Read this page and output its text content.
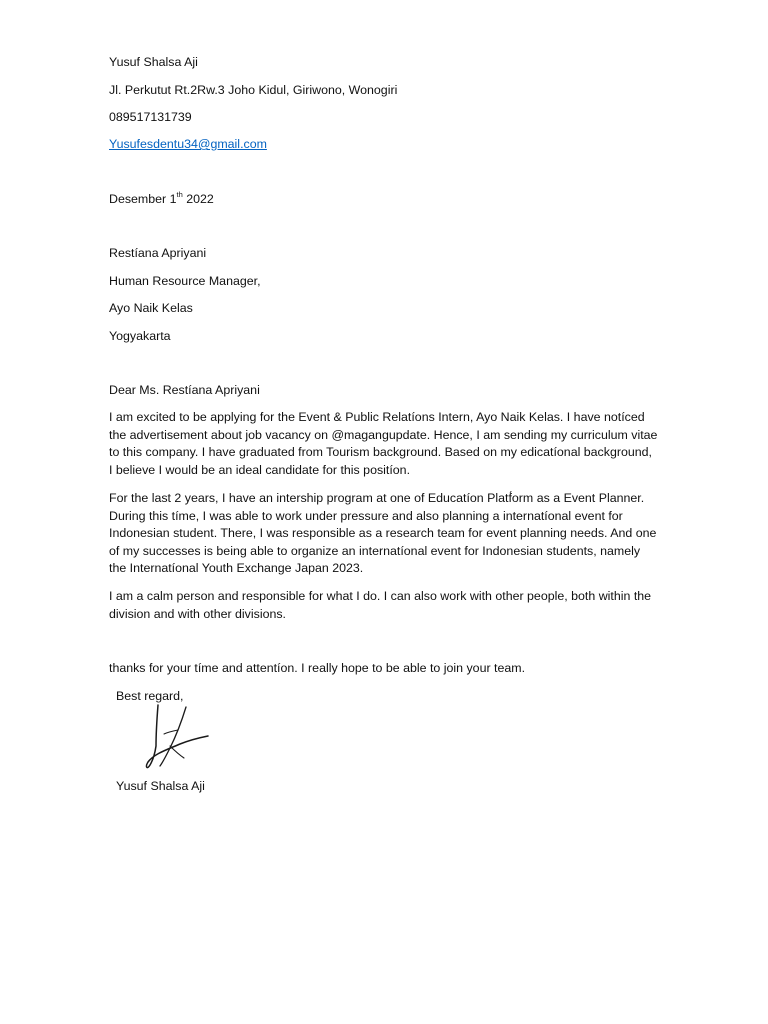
Yusuf Shalsa Aji
Jl. Perkutut Rt.2Rw.3 Joho Kidul, Giriwono, Wonogiri
089517131739
Yusufesdentu34@gmail.com
Desember 1th 2022
Restíana Apriyani
Human Resource Manager,
Ayo Naik Kelas
Yogyakarta
Dear Ms. Restíana Apriyani
I am excited to be applying for the Event & Public Relatíons Intern, Ayo Naik Kelas. I have notíced
the advertisement about job vacancy on @magangupdate. Hence, I am sending my curriculum vitae
to this company. I have graduated from Tourism background. Based on my edicatíonal background,
I believe I would be an ideal candidate for this positíon.
For the last 2 years, I have an intership program at one of Educatíon Platf́orm as a Event Planner.
During this tíme, I was able to work under pressure and also planning a internatíonal event for
Indonesian student. There, I was responsible as a research team for event planning needs. And one
of my successes is being able to organize an internatíonal event for Indonesian students, namely
the Internatíonal Youth Exchange Japan 2023.
I am a calm person and responsible for what I do. I can also work with other people, both within the
division and with other divisions.
thanks for your tíme and attentíon. I really hope to be able to join your team.
Best regard,
Yusuf Shalsa Aji
